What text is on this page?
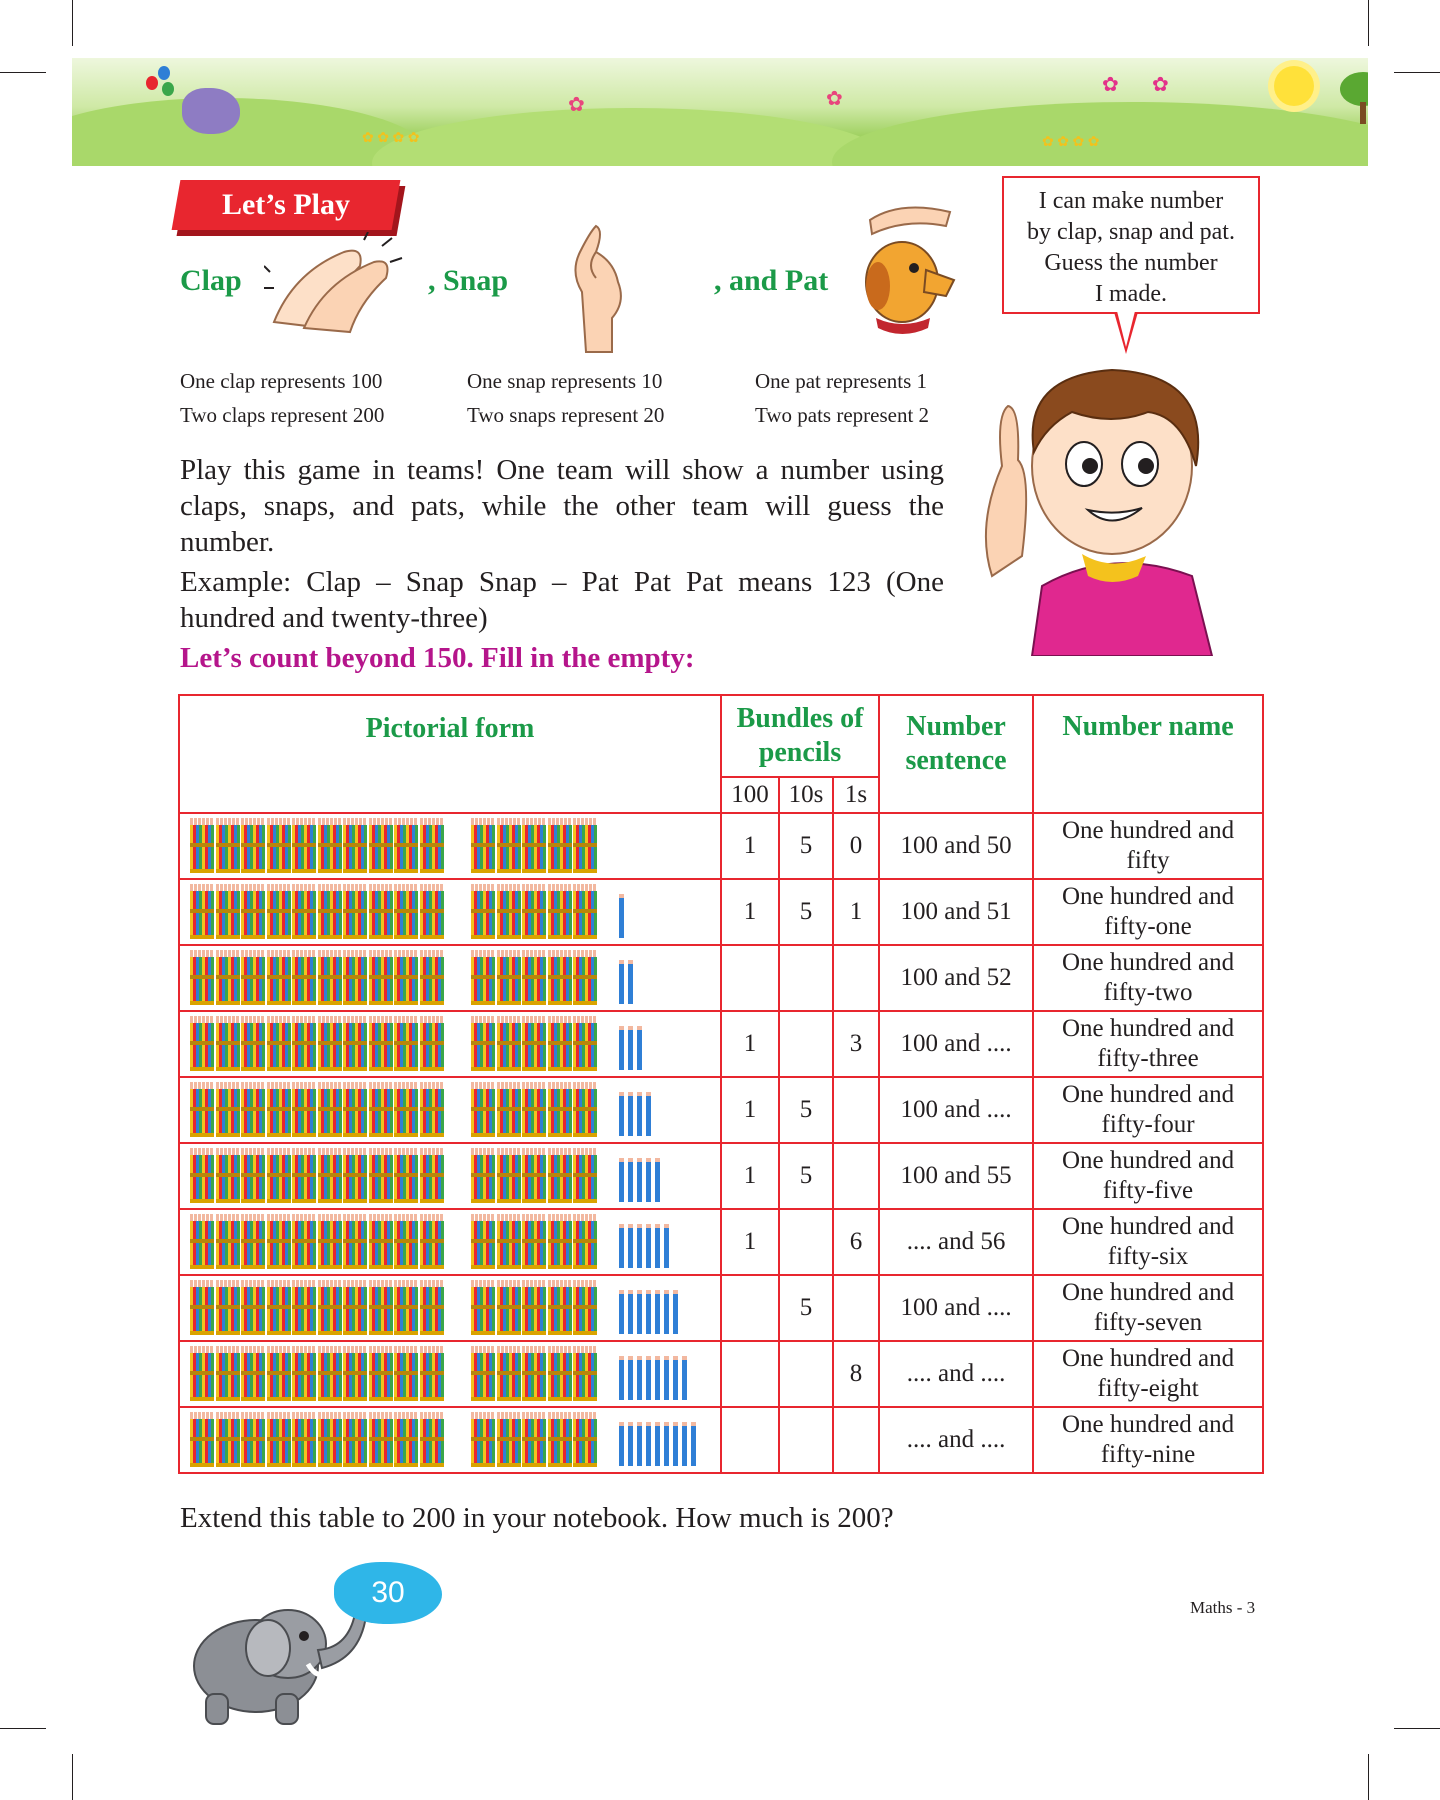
✿	✿
✿ ✿
✿ ✿ ✿ ✿	✿ ✿ ✿ ✿
Let’s Play
Clap	, Snap	, and Pat
One clap represents 100
Two claps represent 200
One snap represents 10
Two snaps represent 20
One pat represents 1
Two pats represent 2
I can make number
by clap, snap and pat.
Guess the number
I made.
Play this game in teams! One team will show a number using claps, snaps, and pats, while the other team will guess the number.
Example: Clap – Snap Snap – Pat Pat Pat means 123 (One hundred and twenty-three)
Let’s count beyond 150. Fill in the empty:
Pictorial form	Bundles of pencils			Number sentence	Number name
	100	10s	1s		

	1	5	0	100 and 50	One hundred and
fifty

	1	5	1	100 and 51	One hundred and
fifty-one

				100 and 52	One hundred and
fifty-two

	1		3	100 and ....	One hundred and
fifty-three

	1	5		100 and ....	One hundred and
fifty-four

	1	5		100 and 55	One hundred and
fifty-five

	1		6	.... and 56	One hundred and
fifty-six

		5		100 and ....	One hundred and
fifty-seven

			8	.... and ....	One hundred and
fifty-eight

				.... and ....	One hundred and
fifty-nine
Extend this table to 200 in your notebook. How much is 200?
30	Maths - 3
